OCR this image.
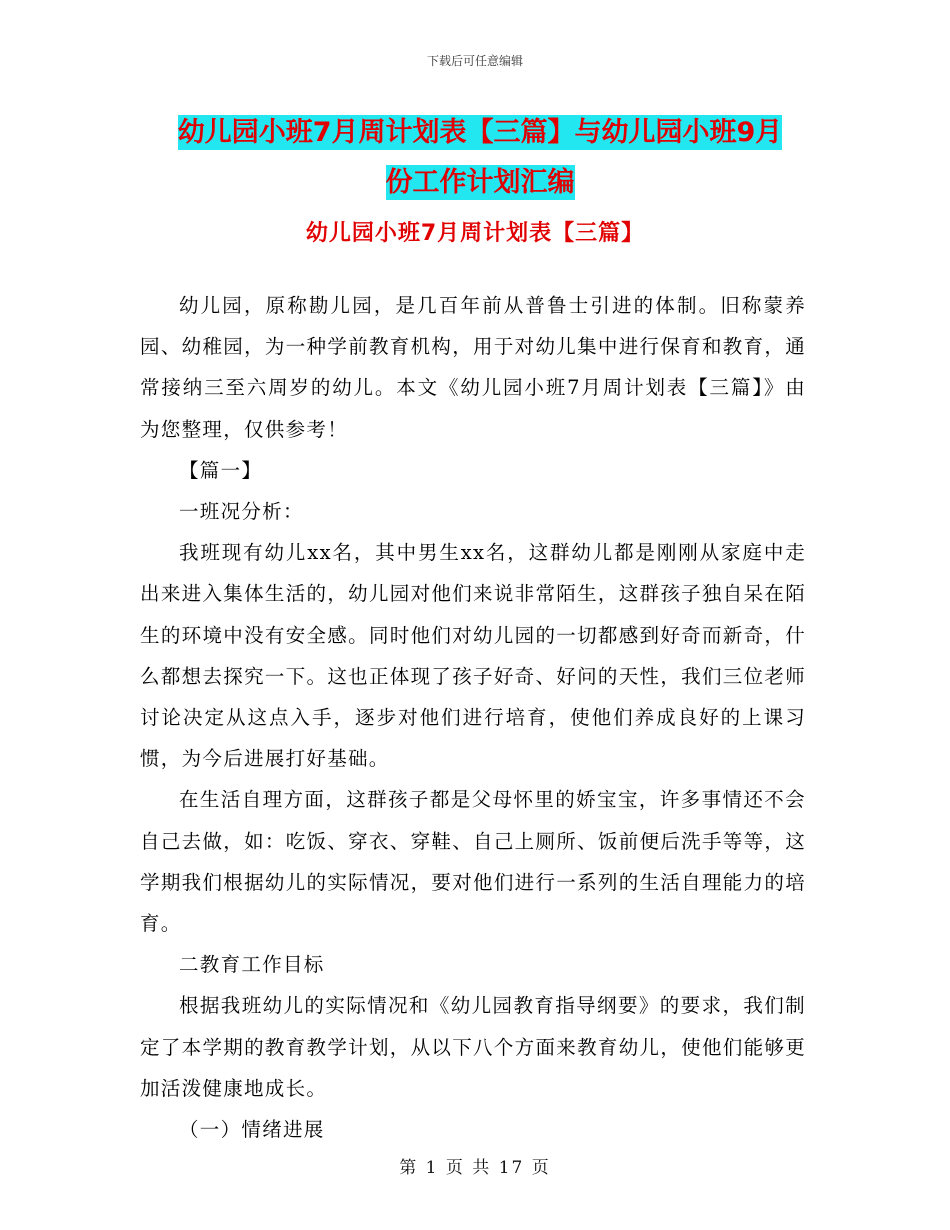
下载后可任意编辑
幼儿园小班7月周计划表【三篇】与幼儿园小班9月
份工作计划汇编
幼儿园小班7月周计划表【三篇】

幼儿园，原称勘儿园，是几百年前从普鲁士引进的体制。旧称蒙养园、幼稚园，为一种学前教育机构，用于对幼儿集中进行保育和教育，通常接纳三至六周岁的幼儿。本文《幼儿园小班7月周计划表【三篇】》由为您整理，仅供参考！

【篇一】

一班况分析：

我班现有幼儿xx名，其中男生xx名，这群幼儿都是刚刚从家庭中走出来进入集体生活的，幼儿园对他们来说非常陌生，这群孩子独自呆在陌生的环境中没有安全感。同时他们对幼儿园的一切都感到好奇而新奇，什么都想去探究一下。这也正体现了孩子好奇、好问的天性，我们三位老师讨论决定从这点入手，逐步对他们进行培育，使他们养成良好的上课习惯，为今后进展打好基础。

在生活自理方面，这群孩子都是父母怀里的娇宝宝，许多事情还不会自己去做，如：吃饭、穿衣、穿鞋、自己上厕所、饭前便后洗手等等，这学期我们根据幼儿的实际情况，要对他们进行一系列的生活自理能力的培育。

二教育工作目标

根据我班幼儿的实际情况和《幼儿园教育指导纲要》的要求，我们制定了本学期的教育教学计划，从以下八个方面来教育幼儿，使他们能够更加活泼健康地成长。

（一）情绪进展

第 1 页 共 17 页
